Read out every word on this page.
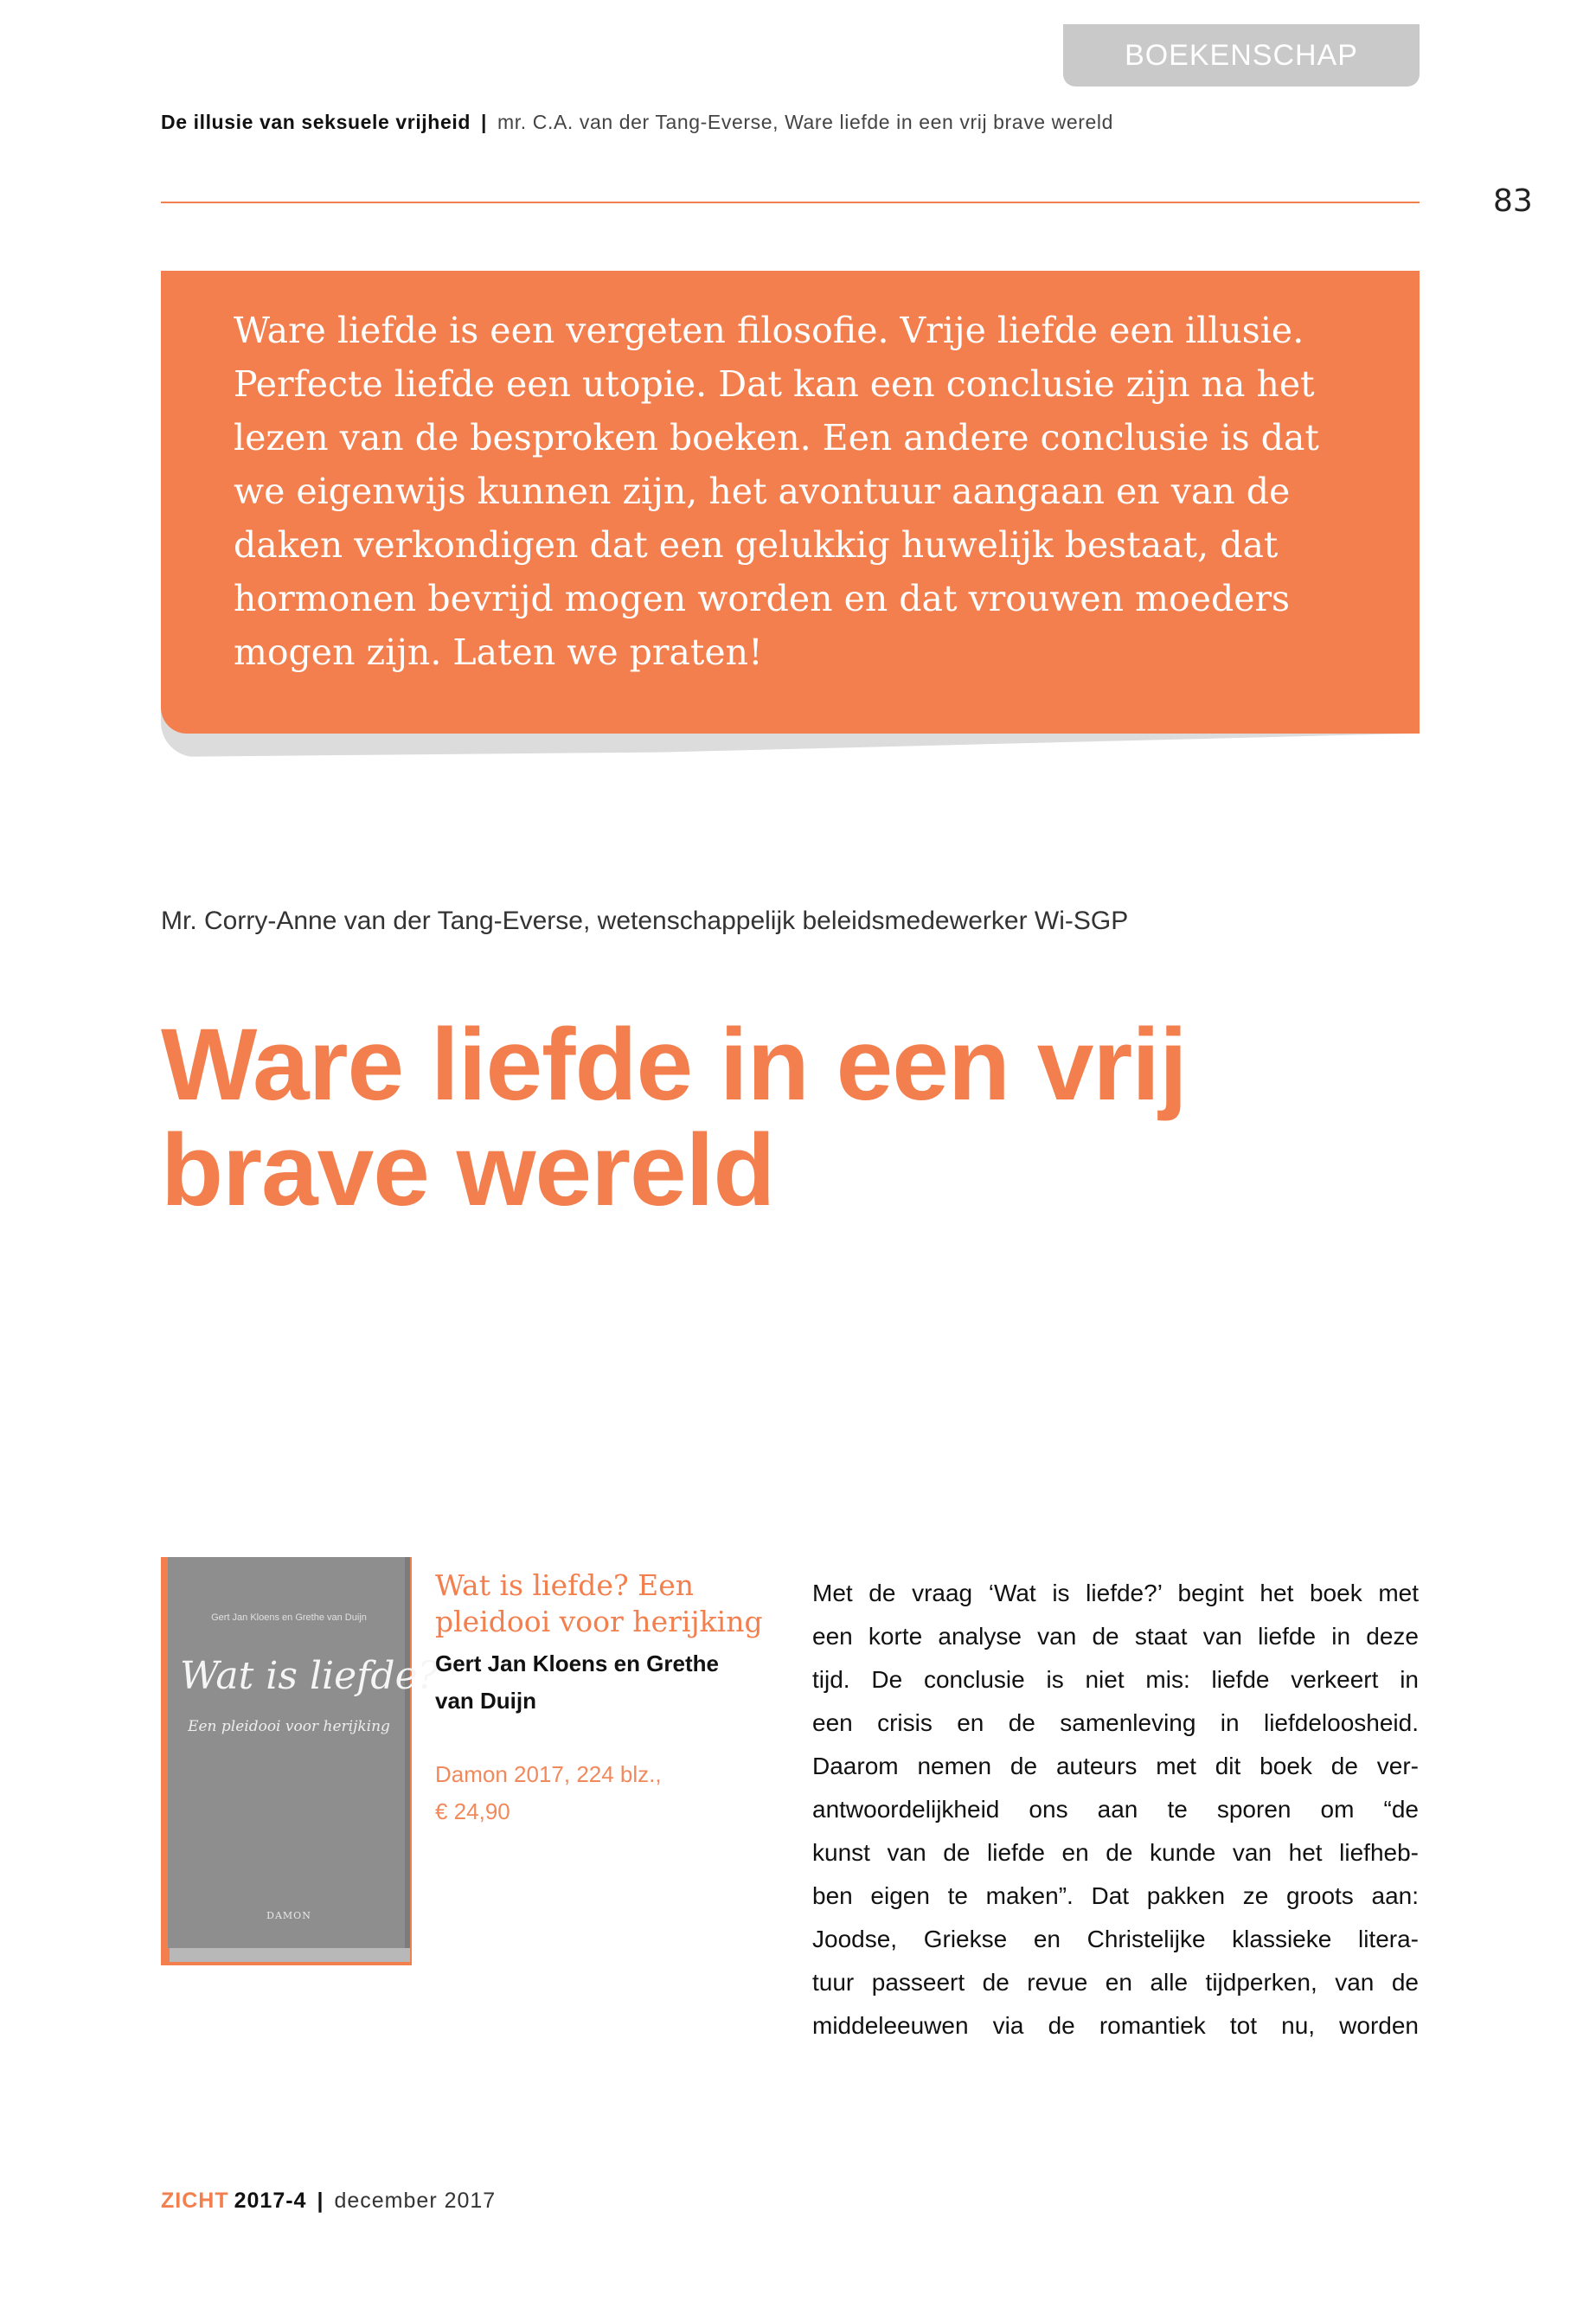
BOEKENSCHAP
De illusie van seksuele vrijheid | mr. C.A. van der Tang-Everse, Ware liefde in een vrij brave wereld
83
Ware liefde is een vergeten filosofie. Vrije liefde een illusie.
Perfecte liefde een utopie. Dat kan een conclusie zijn na het
lezen van de besproken boeken. Een andere conclusie is dat
we eigenwijs kunnen zijn, het avontuur aangaan en van de
daken verkondigen dat een gelukkig huwelijk bestaat, dat
hormonen bevrijd mogen worden en dat vrouwen moeders
mogen zijn. Laten we praten!
Mr. Corry-Anne van der Tang-Everse, wetenschappelijk beleidsmedewerker Wi-SGP
Ware liefde in een vrij
brave wereld
Gert Jan Kloens en Grethe van Duijn
Wat is liefde?
Een pleidooi voor herijking
DAMON
Wat is liefde? Een
pleidooi voor herijking
Gert Jan Kloens en Grethe
van Duijn
Damon 2017, 224 blz.,
€ 24,90
Met de vraag ‘Wat is liefde?’ begint het boek met
een korte analyse van de staat van liefde in deze
tijd. De conclusie is niet mis: liefde verkeert in
een crisis en de samenleving in liefdeloosheid.
Daarom nemen de auteurs met dit boek de ver-
antwoordelijkheid ons aan te sporen om “de
kunst van de liefde en de kunde van het liefheb-
ben eigen te maken”. Dat pakken ze groots aan:
Joodse, Griekse en Christelijke klassieke litera-
tuur passeert de revue en alle tijdperken, van de
middeleeuwen via de romantiek tot nu, worden
ZICHT 2017-4 | december 2017
